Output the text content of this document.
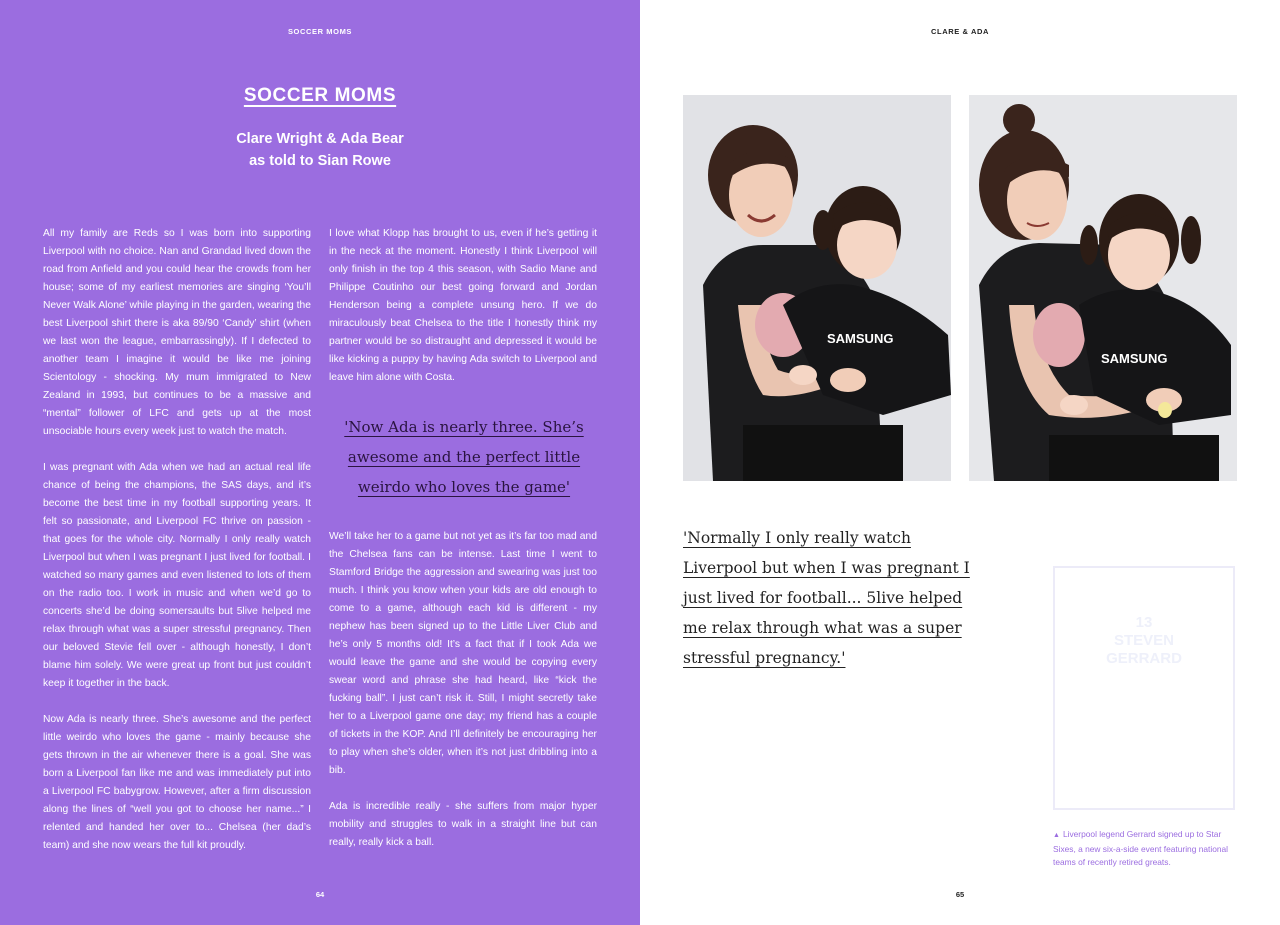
SOCCER MOMS
SOCCER MOMS
Clare Wright & Ada Bear
as told to Sian Rowe

All my family are Reds so I was born into supporting Liverpool with no choice. Nan and Grandad lived down the road from Anfield and you could hear the crowds from her house; some of my earliest memories are singing ‘You’ll Never Walk Alone’ while playing in the garden, wearing the best Liverpool shirt there is aka 89/90 ‘Candy’ shirt (when we last won the league, embarrassingly). If I defected to another team I imagine it would be like me joining Scientology - shocking. My mum immigrated to New Zealand in 1993, but continues to be a massive and “mental” follower of LFC and gets up at the most unsociable hours every week just to watch the match.

I was pregnant with Ada when we had an actual real life chance of being the champions, the SAS days, and it’s become the best time in my football supporting years. It felt so passionate, and Liverpool FC thrive on passion - that goes for the whole city. Normally I only really watch Liverpool but when I was pregnant I just lived for football. I watched so many games and even listened to lots of them on the radio too. I work in music and when we’d go to concerts she’d be doing somersaults but 5live helped me relax through what was a super stressful pregnancy. Then our beloved Stevie fell over - although honestly, I don’t blame him solely. We were great up front but just couldn’t keep it together in the back.

Now Ada is nearly three. She’s awesome and the perfect little weirdo who loves the game - mainly because she gets thrown in the air whenever there is a goal. She was born a Liverpool fan like me and was immediately put into a Liverpool FC babygrow. However, after a firm discussion along the lines of “well you got to choose her name...” I relented and handed her over to... Chelsea (her dad’s team) and she now wears the full kit proudly.

I love what Klopp has brought to us, even if he’s getting it in the neck at the moment. Honestly I think Liverpool will only finish in the top 4 this season, with Sadio Mane and Philippe Coutinho our best going forward and Jordan Henderson being a complete unsung hero. If we do miraculously beat Chelsea to the title I honestly think my partner would be so distraught and depressed it would be like kicking a puppy by having Ada switch to Liverpool and leave him alone with Costa.

'Now Ada is nearly three. She’s awesome and the perfect little weirdo who loves the game'

We’ll take her to a game but not yet as it’s far too mad and the Chelsea fans can be intense. Last time I went to Stamford Bridge the aggression and swearing was just too much. I think you know when your kids are old enough to come to a game, although each kid is different - my nephew has been signed up to the Little Liver Club and he’s only 5 months old! It’s a fact that if I took Ada we would leave the game and she would be copying every swear word and phrase she had heard, like “kick the fucking ball”. I just can’t risk it. Still, I might secretly take her to a Liverpool game one day; my friend has a couple of tickets in the KOP. And I’ll definitely be encouraging her to play when she’s older, when it’s not just dribbling into a bib.

Ada is incredible really - she suffers from major hyper mobility and struggles to walk in a straight line but can really, really kick a ball.

64
CLARE & ADA
SAMSUNG
SAMSUNG
'Normally I only really watch Liverpool but when I was pregnant I just lived for football... 5live helped me relax through what was a super stressful pregnancy.'
13
STEVEN
GERRARD
▲ Liverpool legend Gerrard signed up to Star Sixes, a new six-a-side event featuring national teams of recently retired greats.
65
